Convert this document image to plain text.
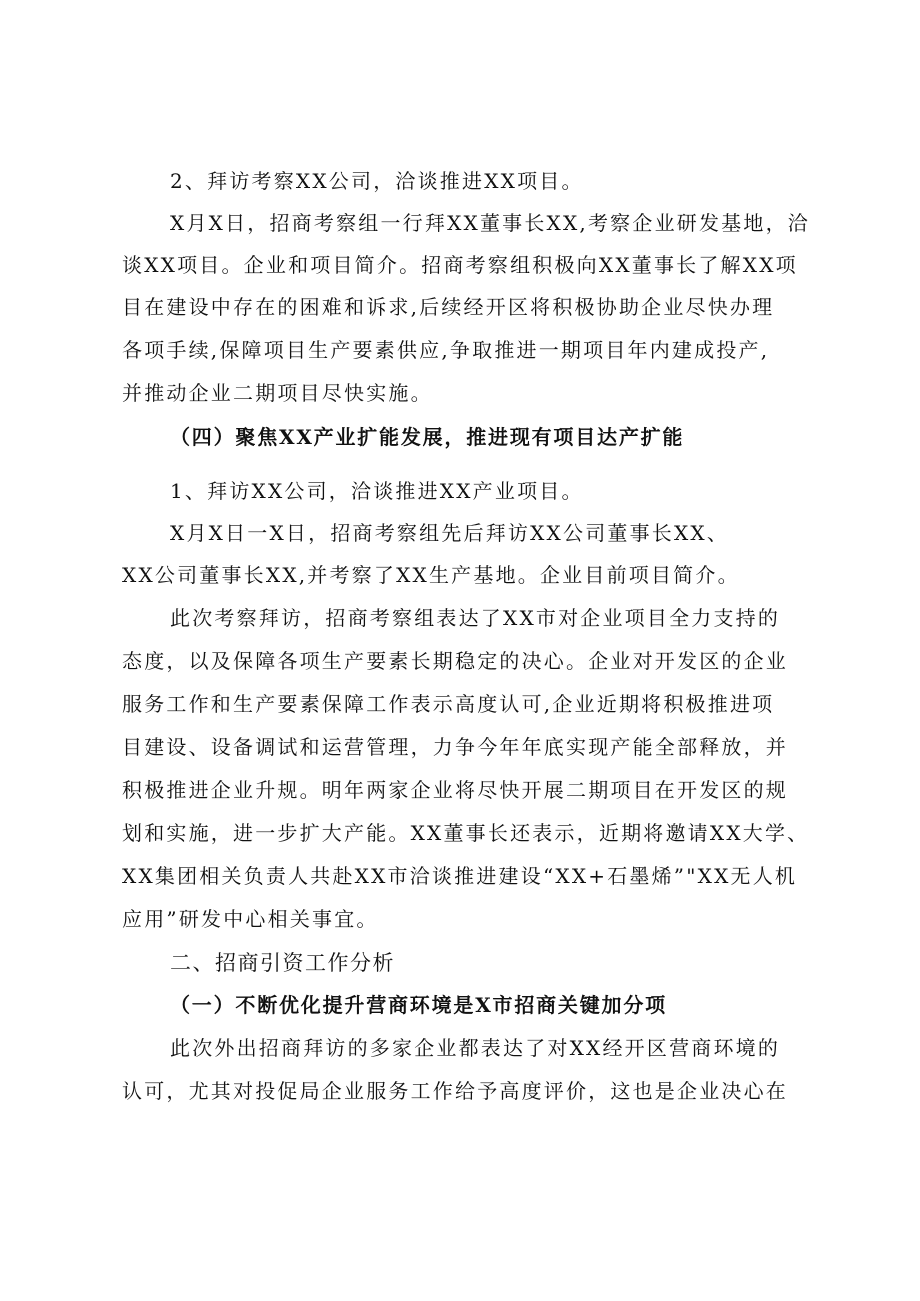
2、拜访考察XX公司，洽谈推进XX项目。
X月X日，招商考察组一行拜XX董事长XX,考察企业研发基地，洽
谈XX项目。企业和项目简介。招商考察组积极向XX董事长了解XX项
目在建设中存在的困难和诉求,后续经开区将积极协助企业尽快办理
各项手续,保障项目生产要素供应,争取推进一期项目年内建成投产,
并推动企业二期项目尽快实施。
（四）聚焦XX产业扩能发展，推进现有项目达产扩能
1、拜访XX公司，洽谈推进XX产业项目。
X月X日一X日，招商考察组先后拜访XX公司董事长XX、
XX公司董事长XX,并考察了XX生产基地。企业目前项目简介。
此次考察拜访，招商考察组表达了XX市对企业项目全力支持的
态度，以及保障各项生产要素长期稳定的决心。企业对开发区的企业
服务工作和生产要素保障工作表示高度认可,企业近期将积极推进项
目建设、设备调试和运营管理，力争今年年底实现产能全部释放，并
积极推进企业升规。明年两家企业将尽快开展二期项目在开发区的规
划和实施，进一步扩大产能。XX董事长还表示，近期将邀请XX大学、
XX集团相关负责人共赴XX市洽谈推进建设“XX+石墨烯”"XX无人机
应用”研发中心相关事宜。
二、招商引资工作分析
（一）不断优化提升营商环境是X市招商关键加分项
此次外出招商拜访的多家企业都表达了对XX经开区营商环境的
认可，尤其对投促局企业服务工作给予高度评价，这也是企业决心在
